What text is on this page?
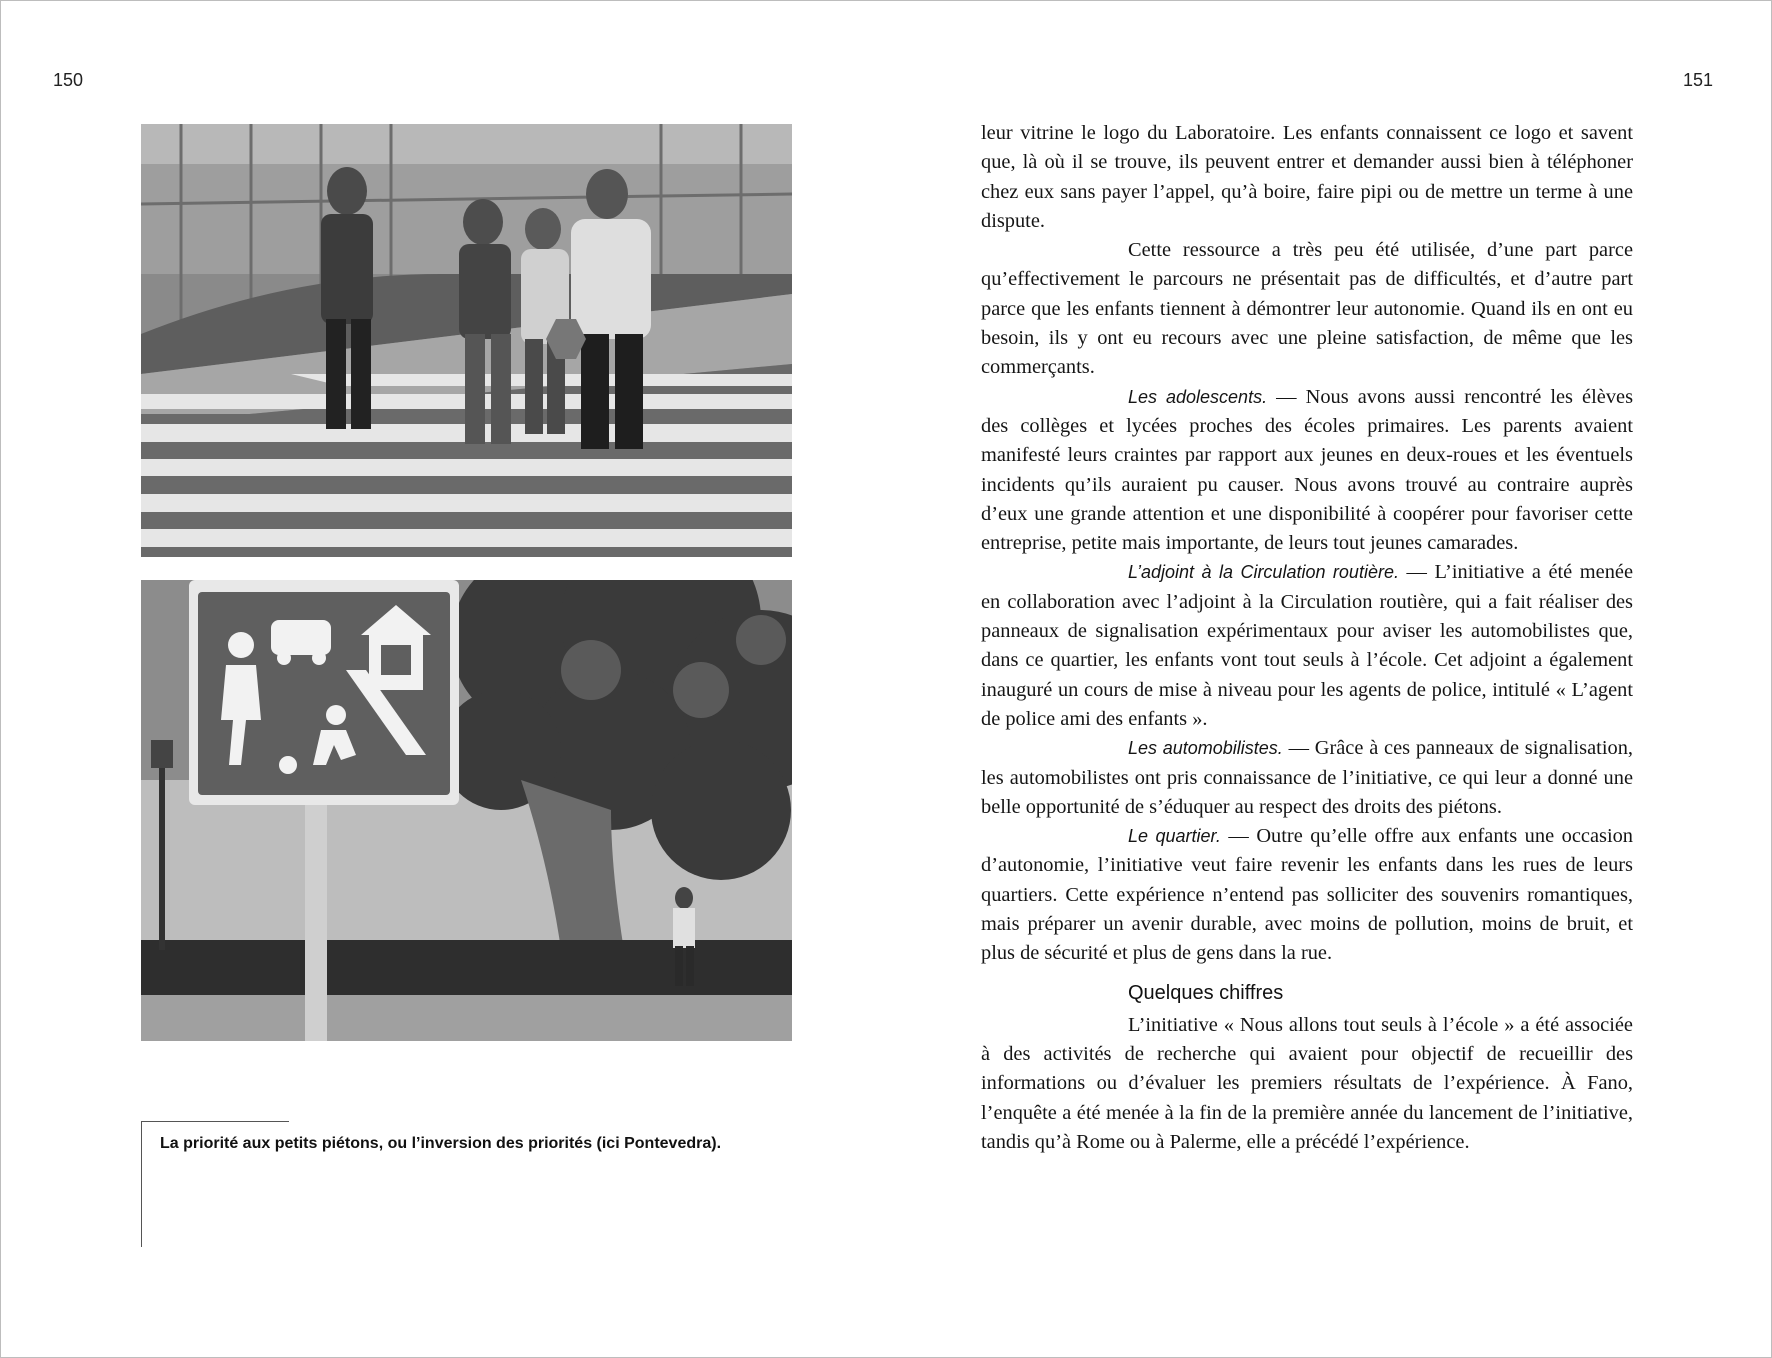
150	151
La priorité aux petits piétons, ou l’inversion des priorités (ici Pontevedra).

leur vitrine le logo du Laboratoire. Les enfants connaissent ce logo et savent que, là où il se trouve, ils peuvent entrer et demander aussi bien à téléphoner chez eux sans payer l’appel, qu’à boire, faire pipi ou de mettre un terme à une dispute.

Cette ressource a très peu été utilisée, d’une part parce qu’effectivement le parcours ne présentait pas de difficultés, et d’autre part parce que les enfants tiennent à démontrer leur autonomie. Quand ils en ont eu besoin, ils y ont eu recours avec une pleine satisfaction, de même que les commerçants.

Les adolescents. — Nous avons aussi rencontré les élèves des collèges et lycées proches des écoles primaires. Les parents avaient manifesté leurs craintes par rapport aux jeunes en deux-roues et les éventuels incidents qu’ils auraient pu causer. Nous avons trouvé au contraire auprès d’eux une grande attention et une disponibilité à coopérer pour favoriser cette entreprise, petite mais importante, de leurs tout jeunes camarades.

L’adjoint à la Circulation routière. — L’initiative a été menée en collaboration avec l’adjoint à la Circulation routière, qui a fait réaliser des panneaux de signalisation expérimentaux pour aviser les automobilistes que, dans ce quartier, les enfants vont tout seuls à l’école. Cet adjoint a également inauguré un cours de mise à niveau pour les agents de police, intitulé « L’agent de police ami des enfants ».

Les automobilistes. — Grâce à ces panneaux de signalisation, les automobilistes ont pris connaissance de l’initiative, ce qui leur a donné une belle opportunité de s’éduquer au respect des droits des piétons.

Le quartier. — Outre qu’elle offre aux enfants une occasion d’autonomie, l’initiative veut faire revenir les enfants dans les rues de leurs quartiers. Cette expérience n’entend pas solliciter des souvenirs romantiques, mais préparer un avenir durable, avec moins de pollution, moins de bruit, et plus de sécurité et plus de gens dans la rue.

Quelques chiffres

L’initiative « Nous allons tout seuls à l’école » a été associée à des activités de recherche qui avaient pour objectif de recueillir des informations ou d’évaluer les premiers résultats de l’expérience. À Fano, l’enquête a été menée à la fin de la première année du lancement de l’initiative, tandis qu’à Rome ou à Palerme, elle a précédé l’expérience.
